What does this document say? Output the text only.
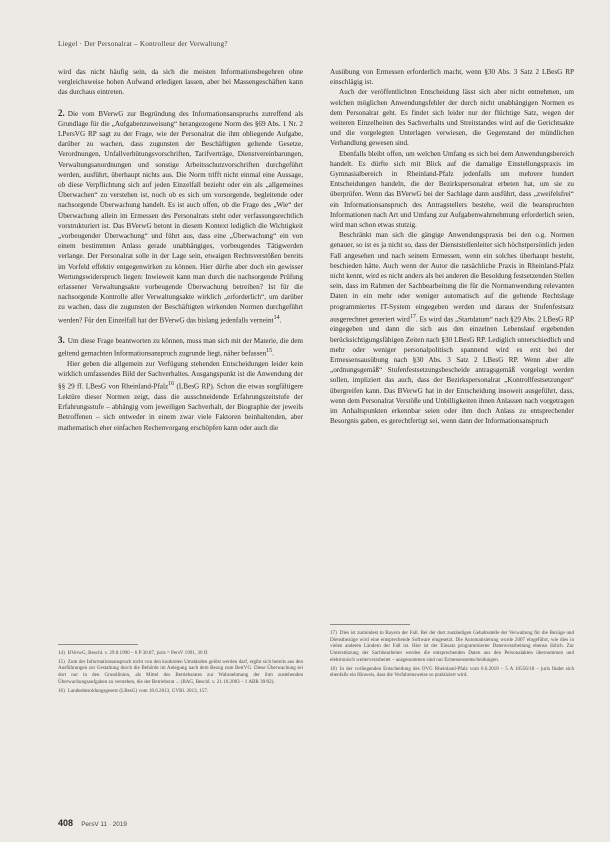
Liegel · Der Personalrat – Kontrolleur der Verwaltung?

wird das nicht häufig sein, da sich die meisten Informationsbegehren ohne vergleichsweise hohen Aufwand erledigen lassen, aber bei Massengeschäften kann das durchaus eintreten.

2. Die vom BVerwG zur Begründung des Informationsanspruchs zutreffend als Grundlage für die „Aufgabenzuweisung“ herangezogene Norm des §69 Abs. 1 Nr. 2 LPersVG RP sagt zu der Frage, wie der Personalrat die ihm obliegende Aufgabe, darüber zu wachen, dass zugunsten der Beschäftigten geltende Gesetze, Verordnungen, Unfallverhütungsvorschriften, Tarifverträge, Dienstvereinbarungen, Verwaltungsanordnungen und sonstige Arbeitsschutzvorschriften durchgeführt werden, ausführt, überhaupt nichts aus. Die Norm trifft nicht einmal eine Aussage, ob diese Verpflichtung sich auf jeden Einzelfall bezieht oder ein als „allgemeines Überwachen“ zu verstehen ist, noch ob es sich um vorsorgende, begleitende oder nachsorgende Überwachung handelt. Es ist auch offen, ob die Frage des „Wie“ der Überwachung allein im Ermessen des Personalrats steht oder verfassungsrechtlich vorstrukturiert ist. Das BVerwG betont in diesem Kontext lediglich die Wichtigkeit „vorbeugender Überwachung“ und führt aus, dass eine „Überwachung“ ein von einem bestimmten Anlass gerade unabhängiges, vorbeugendes Tätigwerden verlange. Der Personalrat solle in der Lage sein, etwaigen Rechtsverstößen bereits im Vorfeld effektiv entgegenwirken zu können. Hier dürfte aber doch ein gewisser Wertungswiderspruch liegen: Inwieweit kann man durch die nachsorgende Prüfung erlassener Verwaltungsakte vorbeugende Überwachung betreiben? Ist für die nachsorgende Kontrolle aller Verwaltungsakte wirklich „erforderlich“, um darüber zu wachen, dass die zugunsten der Beschäftigten wirkenden Normen durchgeführt werden? Für den Einzelfall hat der BVerwG das bislang jedenfalls verneint$^{14}$.

3. Um diese Frage beantworten zu können, muss man sich mit der Materie, die dem geltend gemachten Informationsanspruch zugrunde liegt, näher befassen$^{15}$.

Hier geben die allgemein zur Verfügung stehenden Entscheidungen leider kein wirklich umfassendes Bild der Sachverhaltes. Ausgangspunkt ist die Anwendung der §§ 29 ff. LBesG von Rheinland-Pfalz$^{16}$ (LBesG RP). Schon die etwas sorgfältigere Lektüre dieser Normen zeigt, dass die ausschneidende Erfahrungszeitstufe der Erfahrungsstufe – abhängig vom jeweiligen Sachverhalt, der Biographie der jeweils Betroffenen – sich entweder in einem zwar viele Faktoren beinhaltenden, aber mathematisch eher einfachen Rechenvorgang erschöpfen kann oder auch die

Ausübung von Ermessen erforderlich macht, wenn §30 Abs. 3 Satz 2 LBesG RP einschlägig ist.

Auch der veröffentlichten Entscheidung lässt sich aber nicht entnehmen, um welchen möglichen Anwendungsfehler der durch nicht unabhängigen Normen es dem Personalrat geht. Es findet sich leider nur der flüchtige Satz, wegen der weiteren Einzelheiten des Sachverhalts und Streitstandes wird auf die Gerichtsakte und die vorgelegten Unterlagen verwiesen, die Gegenstand der mündlichen Verhandlung gewesen sind.

Ebenfalls bleibt offen, um welchen Umfang es sich bei dem Anwendungsbereich handelt. Es dürfte sich mit Blick auf die damalige Einstellungspraxis im Gymnasialbereich in Rheinland-Pfalz jedenfalls um mehrere hundert Entscheidungen handeln, die der Bezirkspersonalrat erbeten hat, um sie zu überprüfen. Wenn das BVerwG bei der Sachlage dann ausführt, dass „zweifelsfrei“ ein Informationsanspruch des Antragstellers bestehe, weil die beanspruchten Informationen nach Art und Umfang zur Aufgabenwahrnehmung erforderlich seien, wird man schon etwas stutzig.

Beschränkt man sich die gängige Anwendungspraxis bei den o.g. Normen genauer, so ist es ja nicht so, dass der Dienststellenleiter sich höchstpersönlich jeden Fall angesehen und nach seinem Ermessen, wenn ein solches überhaupt besteht, beschieden hätte. Auch wenn der Autor die tatsächliche Praxis in Rheinland-Pfalz nicht kennt, wird es nicht anders als bei anderen die Besoldung festsetzenden Stellen sein, dass im Rahmen der Sachbearbeitung die für die Normanwendung relevanten Daten in ein mehr oder weniger automatisch auf die geltende Rechtslage programmiertes IT-System eingegeben werden und daraus der Stufenfestsatz ausgerechnet generiert wird$^{17}$. Es wird das „Startdatum“ nach §29 Abs. 2 LBesG RP eingegeben und dann die sich aus den einzelnen Lebenslauf ergebenden berücksichtigungsfähigen Zeiten nach §30 LBesG RP. Lediglich unterschiedlich und mehr oder weniger personalpolitisch spannend wird es erst bei der Ermessensausübung nach §30 Abs. 3 Satz 2 LBesG RP. Wenn aber alle „ordnungsgemäß“ Stufenfestsetzungsbescheide antragsgemäß vorgelegt werden sollen, impliziert das auch, dass der Bezirkspersonalrat „Kontrollfestsetzungen“ übergreifen kann. Das BVerwG hat in der Entscheidung insoweit ausgeführt, dass, wenn dem Personalrat Verstöße und Unbilligkeiten ihnen Anlassen nach vorgetragen im Anhaltspunkten erkennbar seien oder ihm doch Anlass zu entsprechender Besorgnis gaben, es gerechtfertigt sei, wenn dann der Informationsanspruch

14) BVerwG, Beschl. v. 29.8.1990 – 6 P 30.87, juris = PersV 1991, 30 ff.

15) Zum der Informationsanspruch nicht von den konkreten Umständen gelöst werden darf, ergibt sich bereits aus den Ausführungen zur Gestaltung durch die Behörde im Anlegung nach dem Bezug zum BetrVG. Diese Überwachung sei dort nur in den Grundlinien, als Mittel des Betriebsrates zur Wahrnehmung der ihm zustehenden Überwachungsaufgaben zu verstehen, die der Betriebsrat ... (BAG, Beschl. v. 21.10.2003 – 1 ABR 39/02).

16) Landesbesoldungsgesetz (LBesG) vom 18.6.2013, GVBl. 2013, 157.

17) Dies ist zumindest in Bayern der Fall. Bei der dort zuständigen Gehaltsstelle der Verwaltung für die Bezüge und Dienstbezüge wird eine entsprechende Software eingesetzt. Die Automatisierung wurde 2007 eingeführt, wie dies in vielen anderen Ländern der Fall ist. Hier ist der Einsatz programmierter Datenverarbeitung ebenso üblich. Zur Unterstützung der Sachbearbeiter werden die entsprechenden Daten aus den Personalakten übernommen und elektronisch weiterverarbeitet – ausgenommen sind nur Ermessensentscheidungen.

18) In der vorliegenden Entscheidung des OVG Rheinland-Pfalz vom 6.6.2018 – 5 A 10556/18 – juris findet sich ebenfalls ein Hinweis, dass die Verfahrensweise so praktiziert wird.

408 PersV 11 · 2019
